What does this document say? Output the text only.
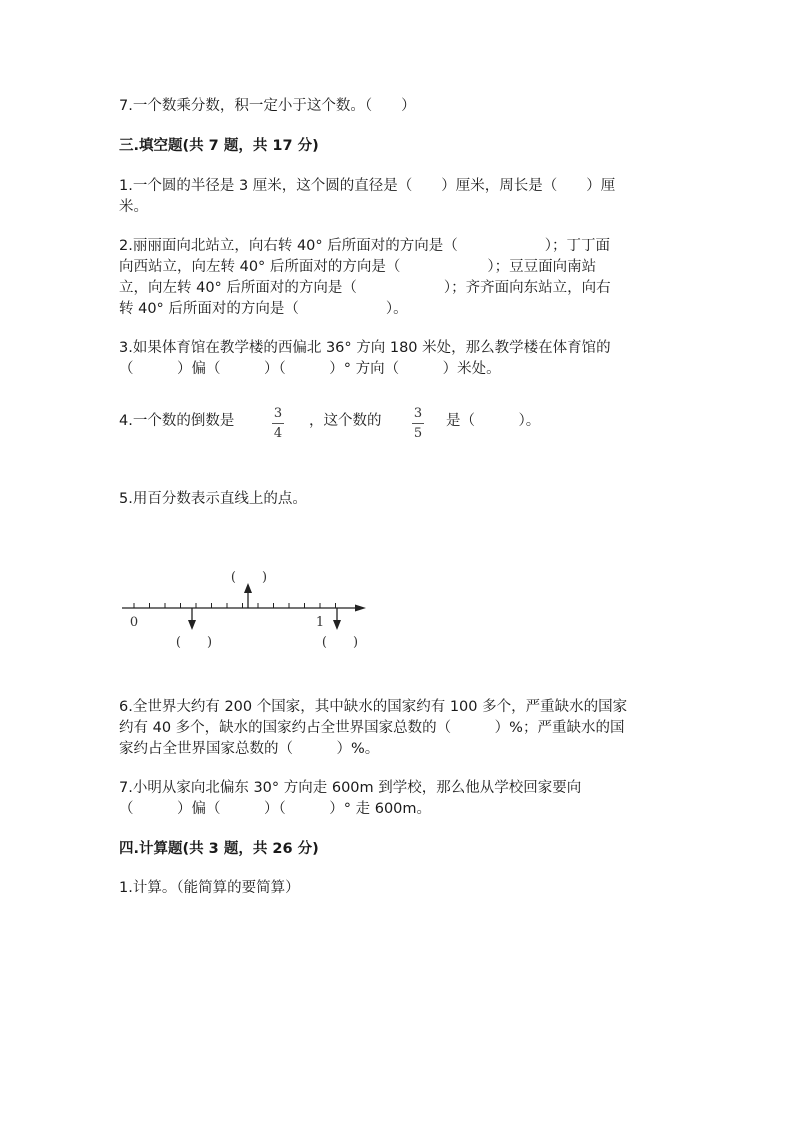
7.一个数乘分数，积一定小于这个数。（　　）
三.填空题(共 7 题，共 17 分)
1.一个圆的半径是 3 厘米，这个圆的直径是（　　）厘米，周长是（　　）厘
米。
2.丽丽面向北站立，向右转 40° 后所面对的方向是（　　　　　　）；丁丁面
向西站立，向左转 40° 后所面对的方向是（　　　　　　）；豆豆面向南站
立，向左转 40° 后所面对的方向是（　　　　　　）；齐齐面向东站立，向右
转 40° 后所面对的方向是（　　　　　　）。
3.如果体育馆在教学楼的西偏北 36° 方向 180 米处，那么教学楼在体育馆的
（　　　）偏（　　　）（　　　）° 方向（　　　）米处。
4.一个数的倒数是	3
4
，这个数的 3
5
是（　　　）。
5.用百分数表示直线上的点。
0	1
(　　)
(　　)	(　　)
6.全世界大约有 200 个国家，其中缺水的国家约有 100 多个，严重缺水的国家
约有 40 多个，缺水的国家约占全世界国家总数的（　　　）%；严重缺水的国
家约占全世界国家总数的（　　　）%。
7.小明从家向北偏东 30° 方向走 600m 到学校，那么他从学校回家要向
（　　　）偏（　　　）（　　　）° 走 600m。
四.计算题(共 3 题，共 26 分)
1.计算。（能简算的要简算）
